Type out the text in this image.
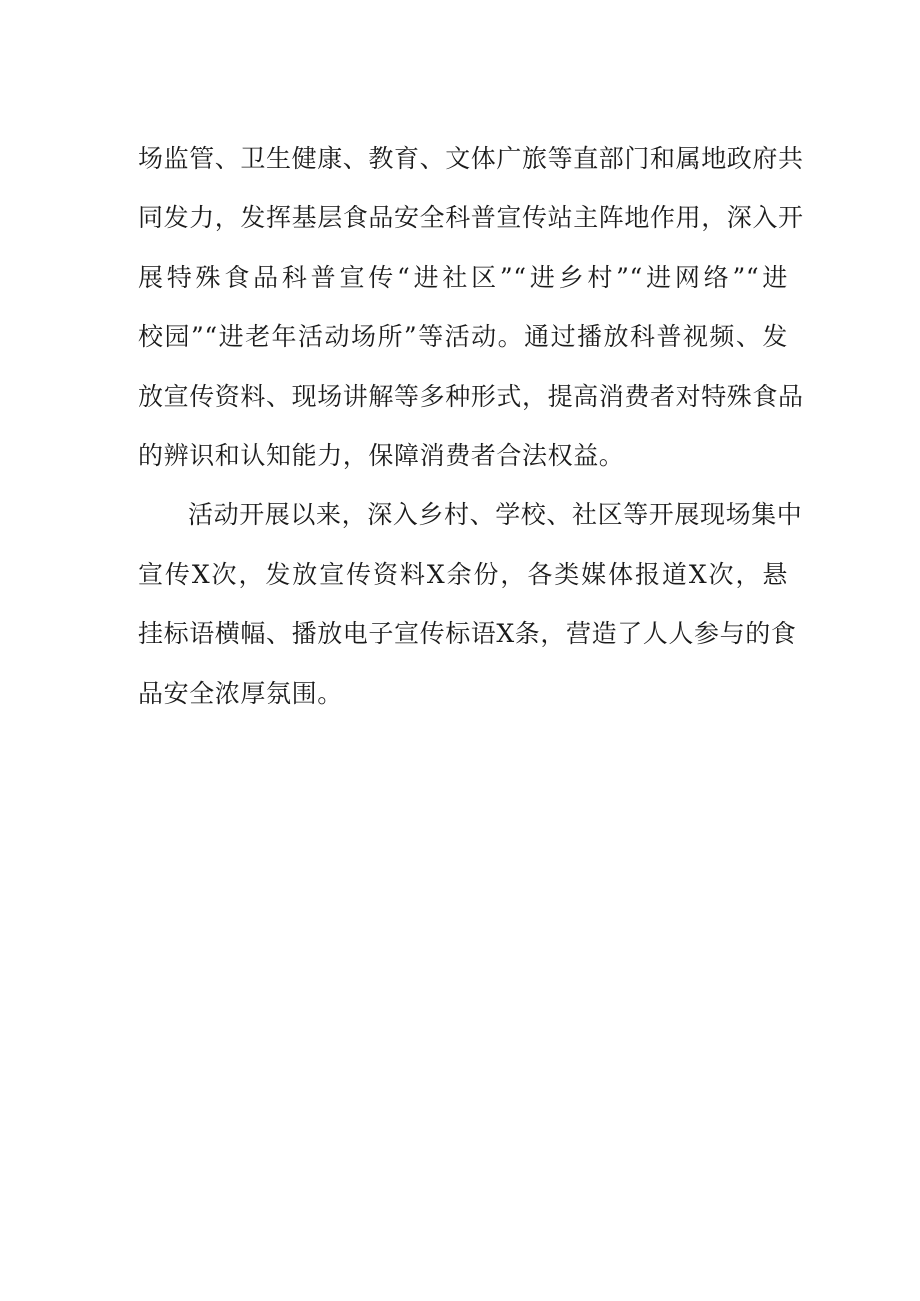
场监管、卫生健康、教育、文体广旅等直部门和属地政府共
同发力，发挥基层食品安全科普宣传站主阵地作用，深入开
展特殊食品科普宣传“进社区”“进乡村”“进网络”“进
校园”“进老年活动场所”等活动。通过播放科普视频、发
放宣传资料、现场讲解等多种形式，提高消费者对特殊食品
的辨识和认知能力，保障消费者合法权益。

活动开展以来，深入乡村、学校、社区等开展现场集中
宣传X次，发放宣传资料X余份，各类媒体报道X次，悬
挂标语横幅、播放电子宣传标语X条，营造了人人参与的食
品安全浓厚氛围。
